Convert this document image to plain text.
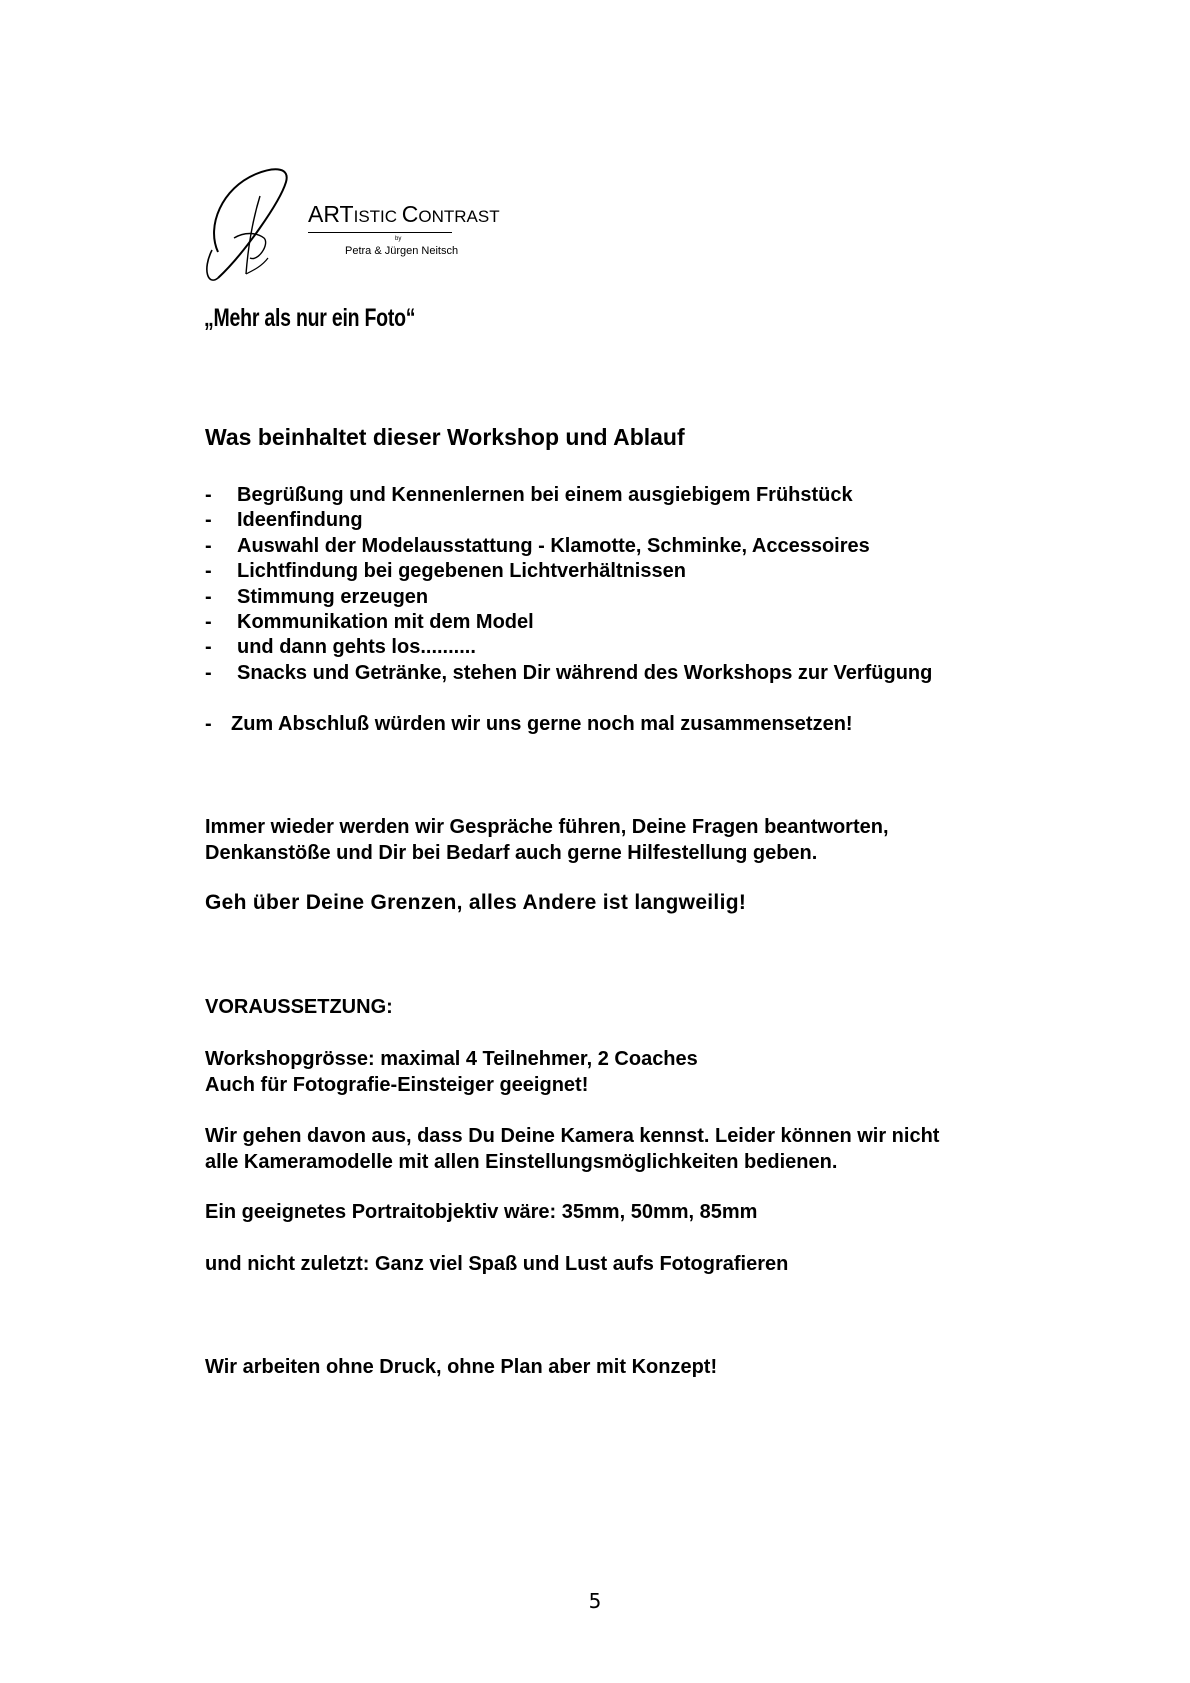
ARTISTIC CONTRAST
by
Petra & Jürgen Neitsch
„Mehr als nur ein Foto“
Was beinhaltet dieser Workshop und Ablauf
- Begrüßung und Kennenlernen bei einem ausgiebigem Frühstück
- Ideenfindung
- Auswahl der Modelausstattung - Klamotte, Schminke, Accessoires
- Lichtfindung bei gegebenen Lichtverhältnissen
- Stimmung erzeugen
- Kommunikation mit dem Model
- und dann gehts los..........
- Snacks und Getränke, stehen Dir während des Workshops zur Verfügung
- Zum Abschluß würden wir uns gerne noch mal zusammensetzen!
Immer wieder werden wir Gespräche führen, Deine Fragen beantworten,
Denkanstöße und Dir bei Bedarf auch gerne Hilfestellung geben.
Geh über Deine Grenzen, alles Andere ist langweilig!
VORAUSSETZUNG:
Workshopgrösse: maximal 4 Teilnehmer, 2 Coaches
Auch für Fotografie-Einsteiger geeignet!
Wir gehen davon aus, dass Du Deine Kamera kennst. Leider können wir nicht
alle Kameramodelle mit allen Einstellungsmöglichkeiten bedienen.
Ein geeignetes Portraitobjektiv wäre: 35mm, 50mm, 85mm
und nicht zuletzt: Ganz viel Spaß und Lust aufs Fotografieren
Wir arbeiten ohne Druck, ohne Plan aber mit Konzept!
5
